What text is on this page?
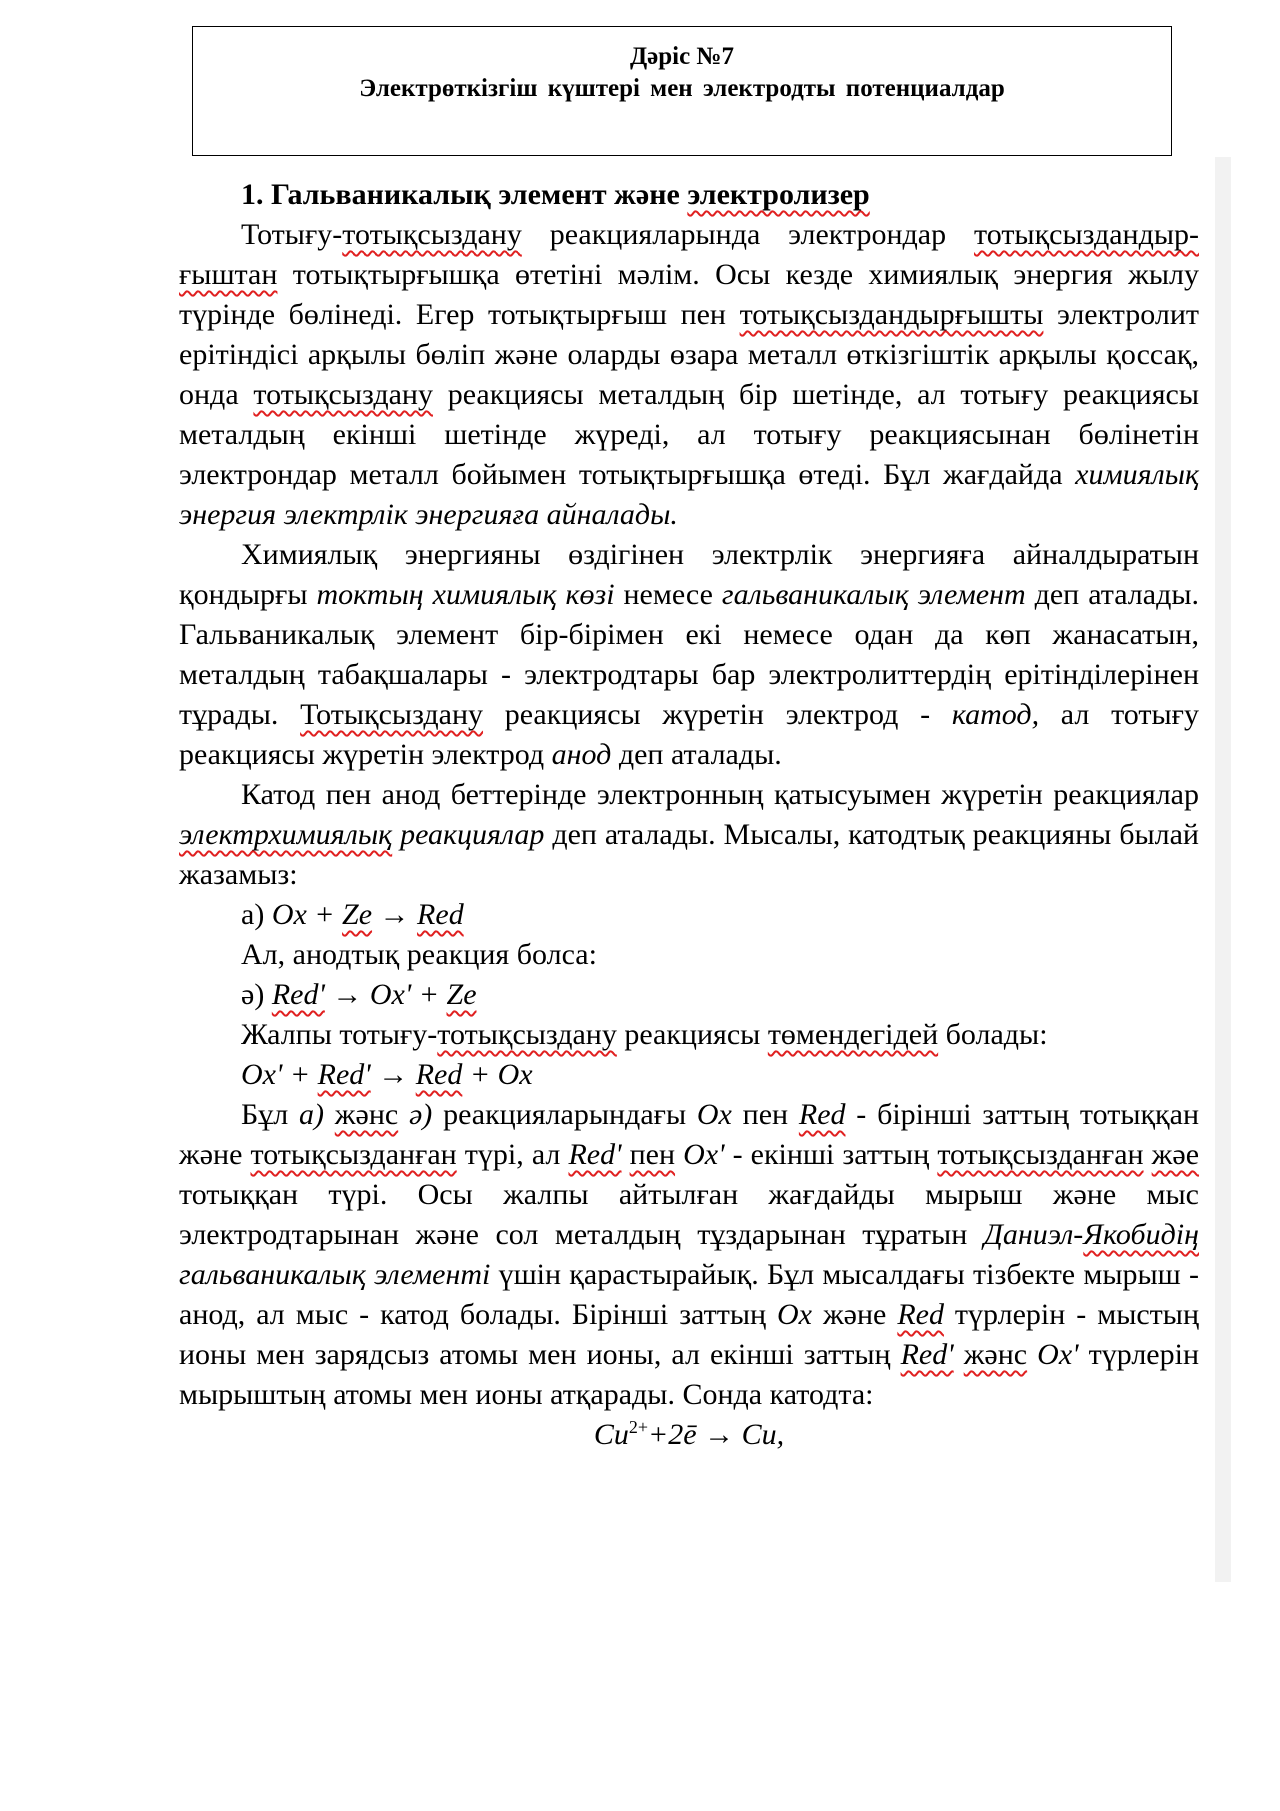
Дәріс №7
Электрөткізгіш күштері мен электродты потенциалдар

1. Гальваникалық элемент және электролизер

Тотығу-тотықсыздану реакцияларында электрондар тотықсыздандыр-ғыштан тотықтырғышқа өтетіні мәлім. Осы кезде химиялық энергия жылу түрінде бөлінеді. Егер тотықтырғыш пен тотықсыздандырғышты электролит ерітіндісі арқылы бөліп және оларды өзара металл өткізгіштік арқылы қоссақ, онда тотықсыздану реакциясы металдың бір шетінде, ал тотығу реакциясы металдың екінші шетінде жүреді, ал тотығу реакциясынан бөлінетін электрондар металл бойымен тотықтырғышқа өтеді. Бұл жағдайда химиялық энергия электрлік энергияға айналады.

Химиялық энергияны өздігінен электрлік энергияға айналдыратын қондырғы токтың химиялық көзі немесе гальваникалық элемент деп аталады. Гальваникалық элемент бір-бірімен екі немесе одан да көп жанасатын, металдың табақшалары - электродтары бар электролиттердің ерітінділерінен тұрады. Тотықсыздану реакциясы жүретін электрод - катод, ал тотығу реакциясы жүретін электрод анод деп аталады.

Катод пен анод беттерінде электронның қатысуымен жүретін реакциялар электрхимиялық реакциялар деп аталады. Мысалы, катодтық реакцияны былай жазамыз:

а) Ox + Ze → Red

Ал, анодтық реакция болса:

ә) Red' → Ox' + Ze

Жалпы тотығу-тотықсыздану реакциясы төмендегідей болады:

Ox' + Red' → Red + Ox

Бұл а) жәнс ә) реакцияларындағы Ox пен Red - бірінші заттың тотыққан және тотықсызданған түрі, ал Red' пен Ox' - екінші заттың тотықсызданған жәе тотыққан түрі. Осы жалпы айтылған жағдайды мырыш және мыс электродтарынан және сол металдың тұздарынан тұратын Даниэл-Якобидің гальваникалық элементі үшін қарастырайық. Бұл мысалдағы тізбекте мырыш - анод, ал мыс - катод болады. Бірінші заттың Ox және Red түрлерін - мыстың ионы мен зарядсыз атомы мен ионы, ал екінші заттың Red' жәнс Ox' түрлерін мырыштың атомы мен ионы атқарады. Сонда катодта:

$Cu^{2+}+2ē \to Cu$,
